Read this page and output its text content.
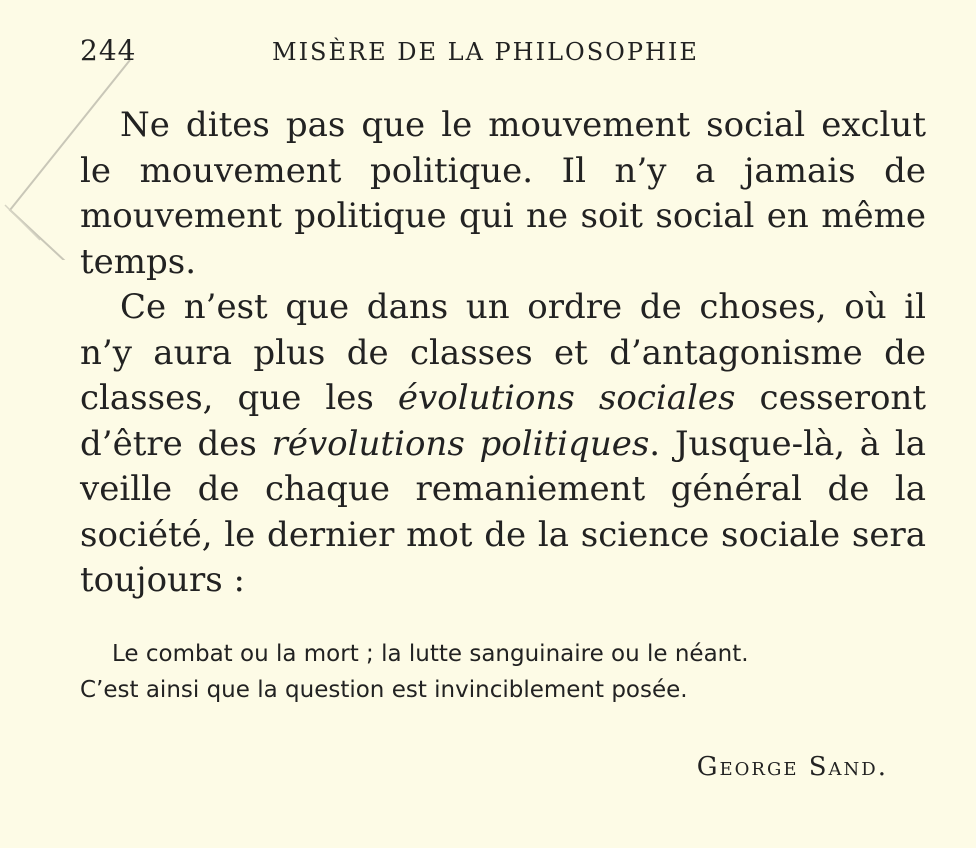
244	MISÈRE DE LA PHILOSOPHIE

Ne dites pas que le mouvement social exclut le mouvement politique. Il n’y a jamais de mouvement politique qui ne soit social en même temps.

Ce n’est que dans un ordre de choses, où il n’y aura plus de classes et d’antagonisme de classes, que les évolutions sociales cesseront d’être des révolutions politiques. Jusque-là, à la veille de chaque remaniement général de la société, le dernier mot de la science sociale sera toujours :

Le combat ou la mort ; la lutte sanguinaire ou le néant.

C’est ainsi que la question est invinciblement posée.

George Sand.
